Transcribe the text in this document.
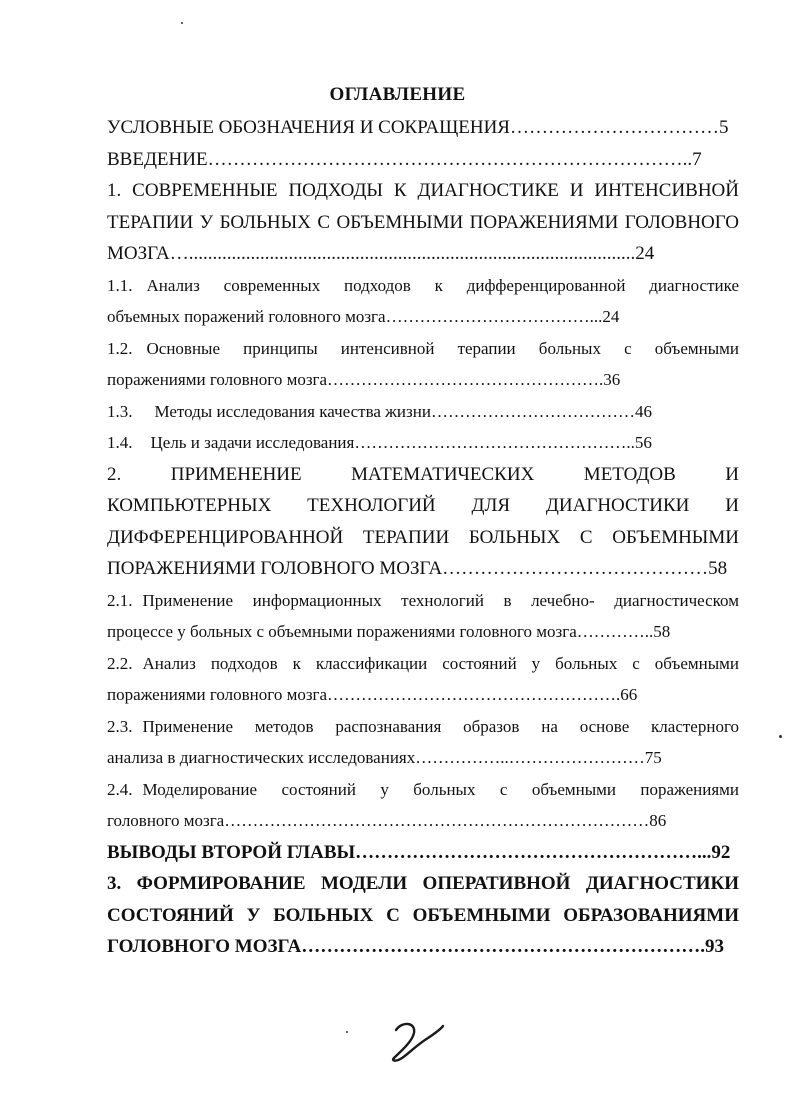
ОГЛАВЛЕНИЕ
УСЛОВНЫЕ ОБОЗНАЧЕНИЯ И СОКРАЩЕНИЯ……………………………5
ВВЕДЕНИЕ…………………………………………………………………..7
1. СОВРЕМЕННЫЕ ПОДХОДЫ К ДИАГНОСТИКЕ И ИНТЕНСИВНОЙ
ТЕРАПИИ У БОЛЬНЫХ С ОБЪЕМНЫМИ ПОРАЖЕНИЯМИ ГОЛОВНОГО
МОЗГА…..............................................................................................24
1.1. Анализ современных подходов к дифференцированной диагностике
объемных поражений головного мозга………………………………...24
1.2. Основные принципы интенсивной терапии больных с объемными
поражениями головного мозга………………………………………….36
1.3. Методы исследования качества жизни………………………………46
1.4. Цель и задачи исследования…………………………………………..56
2. ПРИМЕНЕНИЕ МАТЕМАТИЧЕСКИХ МЕТОДОВ И
КОМПЬЮТЕРНЫХ ТЕХНОЛОГИЙ ДЛЯ ДИАГНОСТИКИ И
ДИФФЕРЕНЦИРОВАННОЙ ТЕРАПИИ БОЛЬНЫХ С ОБЪЕМНЫМИ
ПОРАЖЕНИЯМИ ГОЛОВНОГО МОЗГА……………………………………58
2.1. Применение информационных технологий в лечебно- диагностическом
процессе у больных с объемными поражениями головного мозга…………..58
2.2. Анализ подходов к классификации состояний у больных с объемными
поражениями головного мозга…………………………………………….66
2.3. Применение методов распознавания образов на основе кластерного
анализа в диагностических исследованиях……………..……………………75
2.4. Моделирование состояний у больных с объемными поражениями
головного мозга…………………………………………………………………86
ВЫВОДЫ ВТОРОЙ ГЛАВЫ………………………………………………...92
3. ФОРМИРОВАНИЕ МОДЕЛИ ОПЕРАТИВНОЙ ДИАГНОСТИКИ
СОСТОЯНИЙ У БОЛЬНЫХ С ОБЪЕМНЫМИ ОБРАЗОВАНИЯМИ
ГОЛОВНОГО МОЗГА……………………………………………………….93
